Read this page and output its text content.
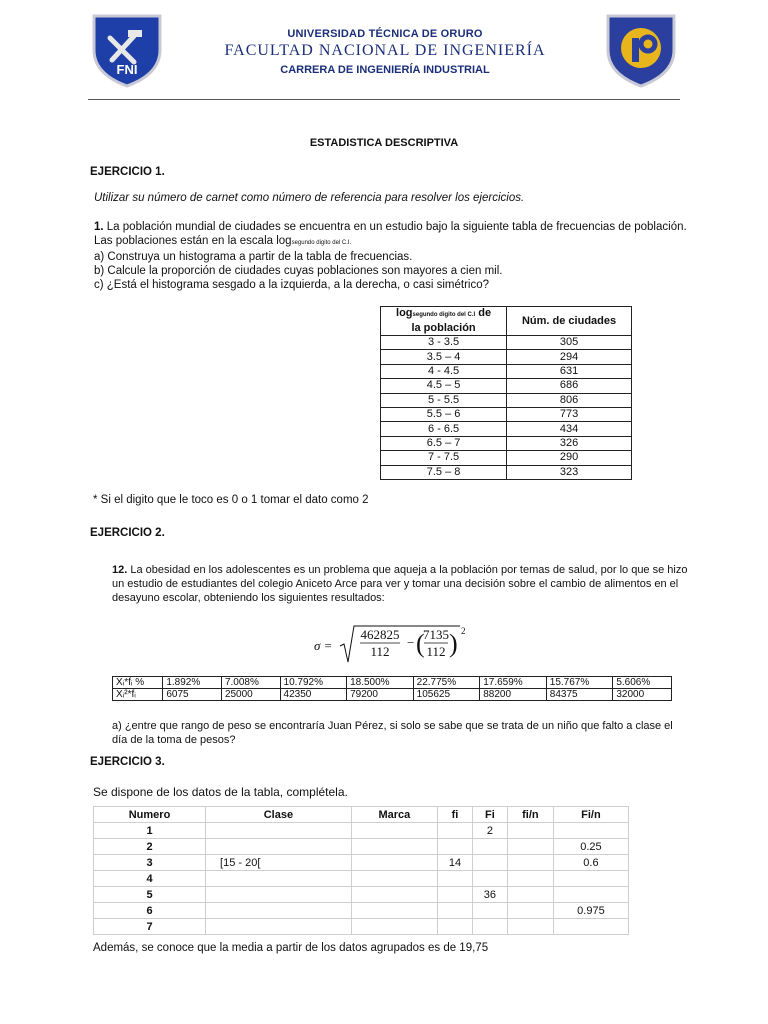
FNI
UNIVERSIDAD TÉCNICA DE ORURO
FACULTAD NACIONAL DE INGENIERÍA
CARRERA DE INGENIERÍA INDUSTRIAL
ESTADISTICA DESCRIPTIVA
EJERCICIO 1.
Utilizar su número de carnet como número de referencia para resolver los ejercicios.
1. La población mundial de ciudades se encuentra en un estudio bajo la siguiente tabla de frecuencias de población.
Las poblaciones están en la escala logsegundo digito del C.I.
a) Construya un histograma a partir de la tabla de frecuencias.
b) Calcule la proporción de ciudades cuyas poblaciones son mayores a cien mil.
c) ¿Está el histograma sesgado a la izquierda, a la derecha, o casi simétrico?
logsegundo digito del C.I de
la población	Núm. de ciudades
3 - 3.5	305
3.5 – 4	294
4 - 4.5	631
4.5 – 5	686
5 - 5.5	806
5.5 – 6	773
6 - 6.5	434
6.5 – 7	326
7 - 7.5	290
7.5 – 8	323
* Si el digito que le toco es 0 o 1 tomar el dato como 2
EJERCICIO 2.
12. La obesidad en los adolescentes es un problema que aqueja a la población por temas de salud, por lo que se hizo
un estudio de estudiantes del colegio Aniceto Arce para ver y tomar una decisión sobre el cambio de alimentos en el
desayuno escolar, obteniendo los siguientes resultados:
σ =
462825
112
− (
7135
112 ) 2
Xᵢ*fᵢ %	1.892%	7.008%	10.792%	18.500%	22.775%	17.659%	15.767%	5.606%
Xᵢ²*fᵢ	6075	25000	42350	79200	105625	88200	84375	32000
a) ¿entre que rango de peso se encontraría Juan Pérez, si solo se sabe que se trata de un niño que falto a clase el
día de la toma de pesos?
EJERCICIO 3.
Se dispone de los datos de la tabla, complétela.
Numero	Clase	Marca	fi	Fi	fi/n	Fi/n
1				2		
2						0.25
3	[15 - 20[		14			0.6
4						
5				36		
6						0.975
7						
Además, se conoce que la media a partir de los datos agrupados es de 19,75
